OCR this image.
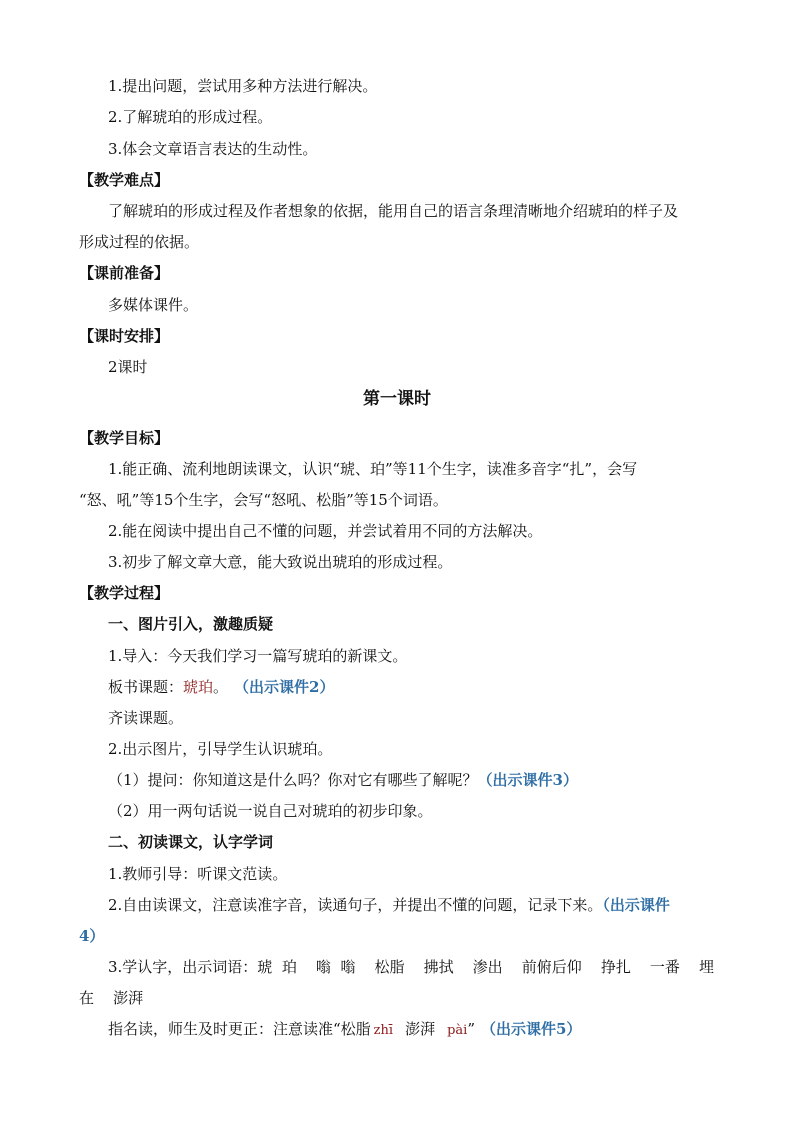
1.提出问题，尝试用多种方法进行解决。
2.了解琥珀的形成过程。
3.体会文章语言表达的生动性。
【教学难点】
了解琥珀的形成过程及作者想象的依据，能用自己的语言条理清晰地介绍琥珀的样子及
形成过程的依据。
【课前准备】
多媒体课件。
【课时安排】
2课时
第一课时
【教学目标】
1.能正确、流利地朗读课文，认识“琥、珀”等11个生字，读准多音字“扎”，会写
“怒、吼”等15个生字，会写“怒吼、松脂”等15个词语。
2.能在阅读中提出自己不懂的问题，并尝试着用不同的方法解决。
3.初步了解文章大意，能大致说出琥珀的形成过程。
【教学过程】
一、图片引入，激趣质疑
1.导入：今天我们学习一篇写琥珀的新课文。
板书课题：琥珀。 （出示课件2）
齐读课题。
2.出示图片，引导学生认识琥珀。
（1）提问：你知道这是什么吗？你对它有哪些了解呢？（出示课件3）
（2）用一两句话说一说自己对琥珀的初步印象。
二、初读课文，认字学词
1.教师引导：听课文范读。
2.自由读课文，注意读准字音，读通句子，并提出不懂的问题，记录下来。（出示课件
4）
3.学认字，出示词语：琥  珀    嗡  嗡    松脂    拂拭    渗出    前俯后仰    挣扎    一番    埋
在    澎湃
指名读，师生及时更正：注意读准“松脂 zhī 澎湃 pài” （出示课件5）
